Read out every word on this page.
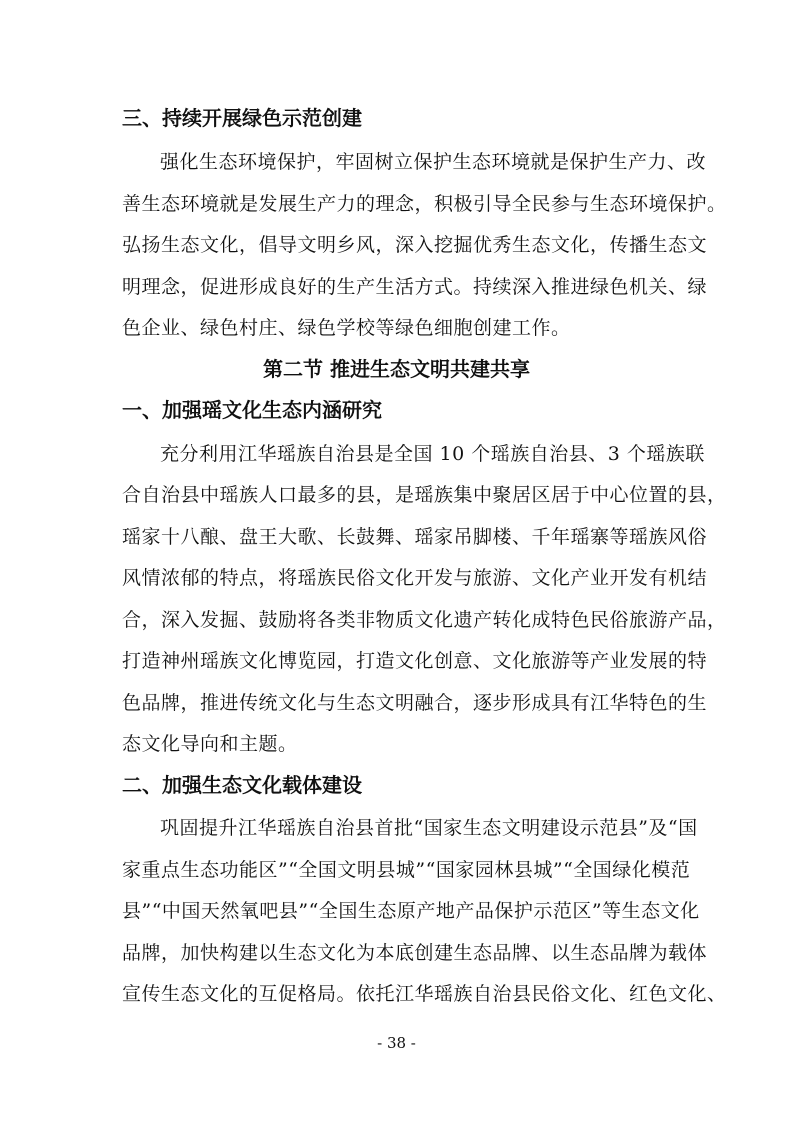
三、持续开展绿色示范创建
强化生态环境保护，牢固树立保护生态环境就是保护生产力、改
善生态环境就是发展生产力的理念，积极引导全民参与生态环境保护。
弘扬生态文化，倡导文明乡风，深入挖掘优秀生态文化，传播生态文
明理念，促进形成良好的生产生活方式。持续深入推进绿色机关、绿
色企业、绿色村庄、绿色学校等绿色细胞创建工作。
第二节 推进生态文明共建共享
一、加强瑶文化生态内涵研究
充分利用江华瑶族自治县是全国 10 个瑶族自治县、3 个瑶族联
合自治县中瑶族人口最多的县，是瑶族集中聚居区居于中心位置的县，
瑶家十八酿、盘王大歌、长鼓舞、瑶家吊脚楼、千年瑶寨等瑶族风俗
风情浓郁的特点，将瑶族民俗文化开发与旅游、文化产业开发有机结
合，深入发掘、鼓励将各类非物质文化遗产转化成特色民俗旅游产品，
打造神州瑶族文化博览园，打造文化创意、文化旅游等产业发展的特
色品牌，推进传统文化与生态文明融合，逐步形成具有江华特色的生
态文化导向和主题。
二、加强生态文化载体建设
巩固提升江华瑶族自治县首批“国家生态文明建设示范县”及“国
家重点生态功能区”“全国文明县城”“国家园林县城”“全国绿化模范
县”“中国天然氧吧县”“全国生态原产地产品保护示范区”等生态文化
品牌，加快构建以生态文化为本底创建生态品牌、以生态品牌为载体
宣传生态文化的互促格局。依托江华瑶族自治县民俗文化、红色文化、
- 38 -
